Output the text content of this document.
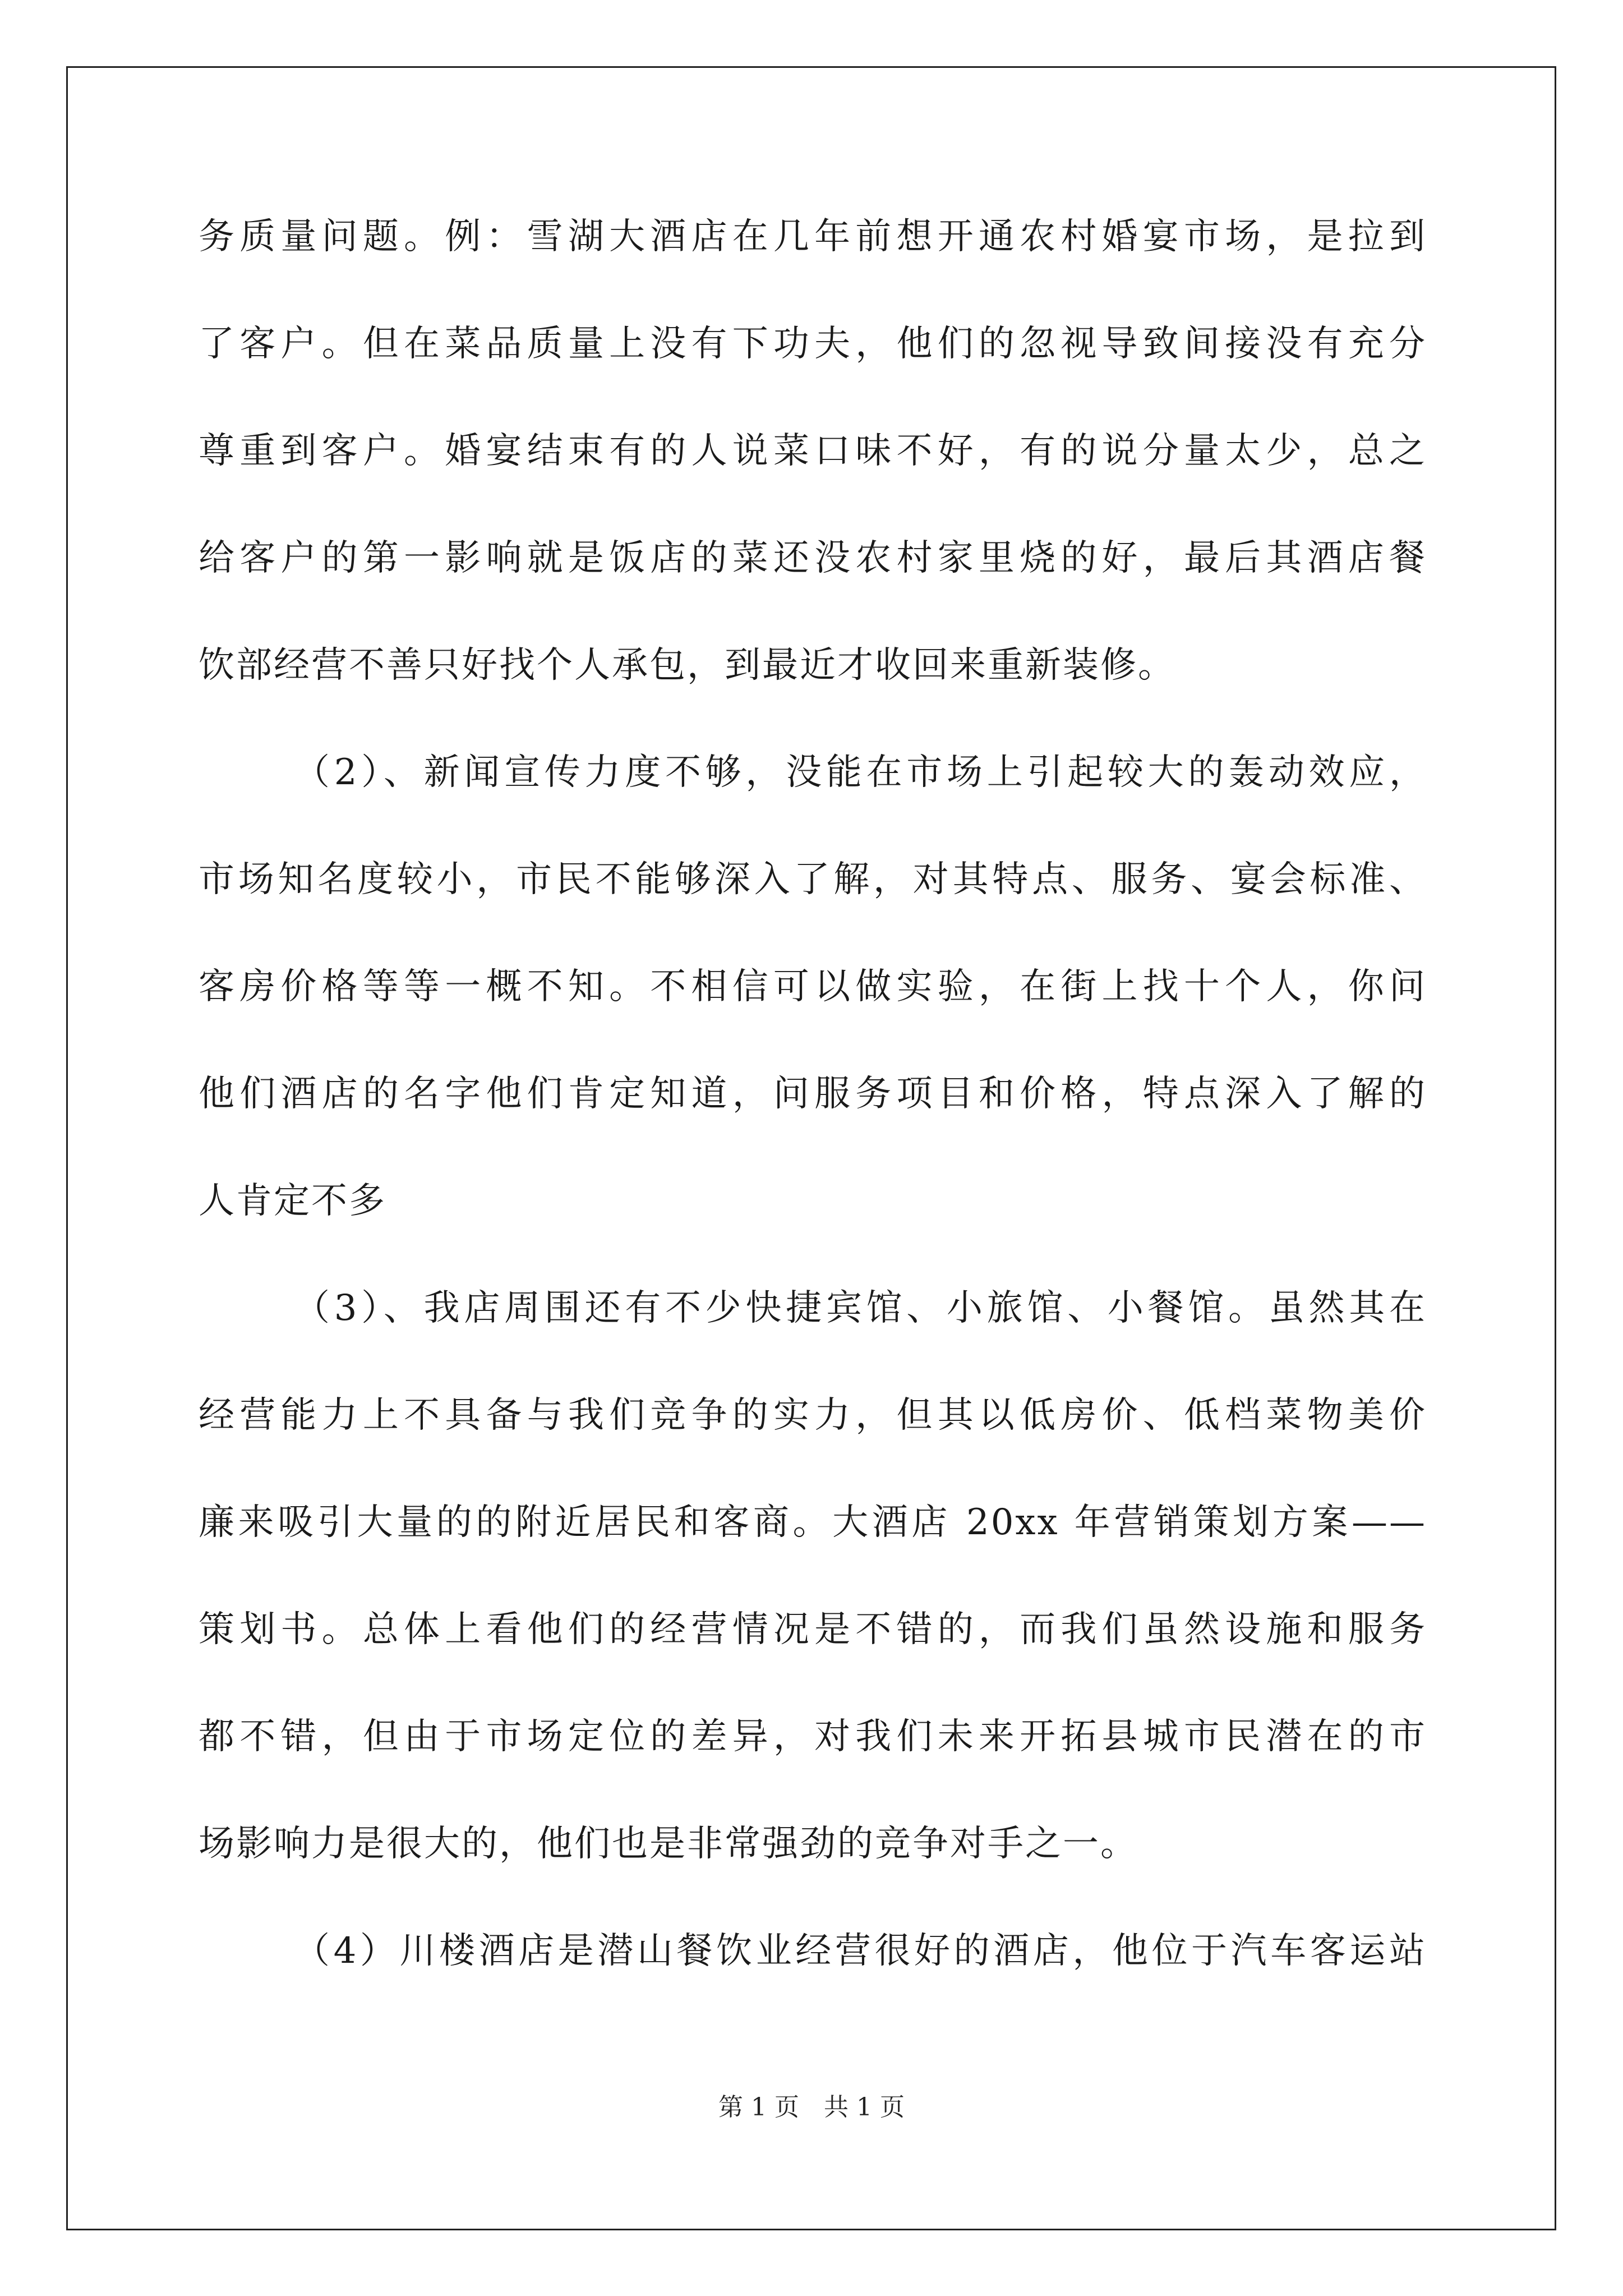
务质量问题。例：雪湖大酒店在几年前想开通农村婚宴市场，是拉到
了客户。但在菜品质量上没有下功夫，他们的忽视导致间接没有充分
尊重到客户。婚宴结束有的人说菜口味不好，有的说分量太少，总之
给客户的第一影响就是饭店的菜还没农村家里烧的好，最后其酒店餐
饮部经营不善只好找个人承包，到最近才收回来重新装修。
（2）、新闻宣传力度不够，没能在市场上引起较大的轰动效应，
市场知名度较小，市民不能够深入了解，对其特点、服务、宴会标准、
客房价格等等一概不知。不相信可以做实验，在街上找十个人，你问
他们酒店的名字他们肯定知道，问服务项目和价格，特点深入了解的
人肯定不多
（3）、我店周围还有不少快捷宾馆、小旅馆、小餐馆。虽然其在
经营能力上不具备与我们竞争的实力，但其以低房价、低档菜物美价
廉来吸引大量的的附近居民和客商。大酒店 20xx 年营销策划方案——
策划书。总体上看他们的经营情况是不错的，而我们虽然设施和服务
都不错，但由于市场定位的差异，对我们未来开拓县城市民潜在的市
场影响力是很大的，他们也是非常强劲的竞争对手之一。
（4）川楼酒店是潜山餐饮业经营很好的酒店，他位于汽车客运站
第 1 页　共 1 页
